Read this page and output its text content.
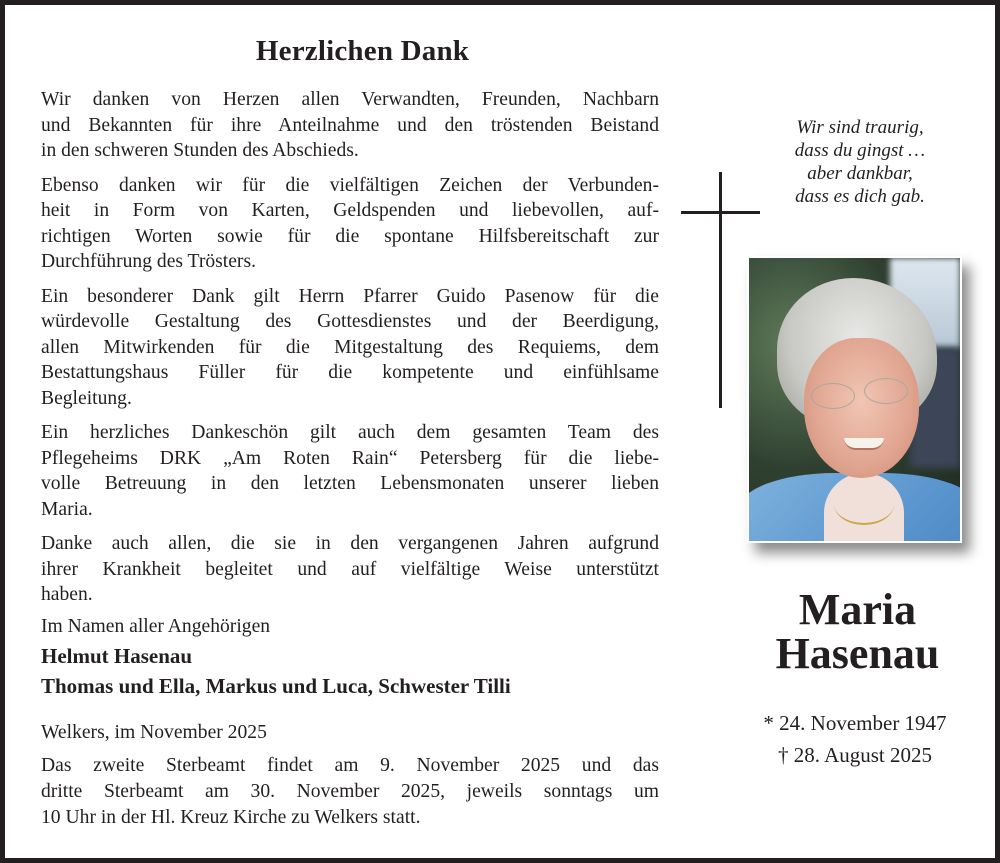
Herzlichen Dank
Wir danken von Herzen allen Verwandten, Freunden, Nachbarn
und Bekannten für ihre Anteilnahme und den tröstenden Beistand
in den schweren Stunden des Abschieds.
Ebenso danken wir für die vielfältigen Zeichen der Verbunden-
heit in Form von Karten, Geldspenden und liebevollen, auf-
richtigen Worten sowie für die spontane Hilfsbereitschaft zur
Durchführung des Trösters.
Ein besonderer Dank gilt Herrn Pfarrer Guido Pasenow für die
würdevolle Gestaltung des Gottesdienstes und der Beerdigung,
allen Mitwirkenden für die Mitgestaltung des Requiems, dem
Bestattungshaus Füller für die kompetente und einfühlsame
Begleitung.
Ein herzliches Dankeschön gilt auch dem gesamten Team des
Pflegeheims DRK „Am Roten Rain“ Petersberg für die liebe-
volle Betreuung in den letzten Lebensmonaten unserer lieben
Maria.
Danke auch allen, die sie in den vergangenen Jahren aufgrund
ihrer Krankheit begleitet und auf vielfältige Weise unterstützt
haben.
Im Namen aller Angehörigen
Helmut Hasenau
Thomas und Ella, Markus und Luca, Schwester Tilli
Welkers, im November 2025
Das zweite Sterbeamt findet am 9. November 2025 und das
dritte Sterbeamt am 30. November 2025, jeweils sonntags um
10 Uhr in der Hl. Kreuz Kirche zu Welkers statt.
Wir sind traurig,
dass du gingst …
aber dankbar,
dass es dich gab.
Maria
Hasenau
* 24. November 1947
† 28. August 2025
